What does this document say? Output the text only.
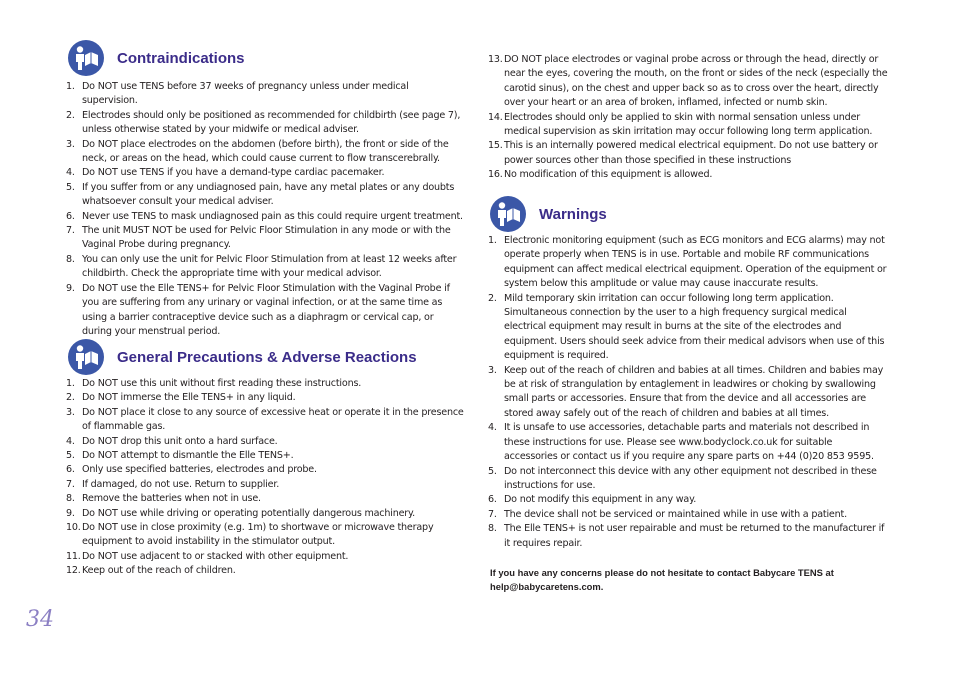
Contraindications
1. Do NOT use TENS before 37 weeks of pregnancy unless under medical supervision.
2. Electrodes should only be positioned as recommended for childbirth (see page 7), unless otherwise stated by your midwife or medical adviser.
3. Do NOT place electrodes on the abdomen (before birth), the front or side of the neck, or areas on the head, which could cause current to flow transcerebrally.
4. Do NOT use TENS if you have a demand-type cardiac pacemaker.
5. If you suffer from or any undiagnosed pain, have any metal plates or any doubts whatsoever consult your medical adviser.
6. Never use TENS to mask undiagnosed pain as this could require urgent treatment.
7. The unit MUST NOT be used for Pelvic Floor Stimulation in any mode or with the Vaginal Probe during pregnancy.
8. You can only use the unit for Pelvic Floor Stimulation from at least 12 weeks after childbirth. Check the appropriate time with your medical advisor.
9. Do NOT use the Elle TENS+ for Pelvic Floor Stimulation with the Vaginal Probe if you are suffering from any urinary or vaginal infection, or at the same time as using a barrier contraceptive device such as a diaphragm or cervical cap, or during your menstrual period.
General Precautions & Adverse Reactions
1. Do NOT use this unit without first reading these instructions.
2. Do NOT immerse the Elle TENS+ in any liquid.
3. Do NOT place it close to any source of excessive heat or operate it in the presence of flammable gas.
4. Do NOT drop this unit onto a hard surface.
5. Do NOT attempt to dismantle the Elle TENS+.
6. Only use specified batteries, electrodes and probe.
7. If damaged, do not use. Return to supplier.
8. Remove the batteries when not in use.
9. Do NOT use while driving or operating potentially dangerous machinery.
10. Do NOT use in close proximity (e.g. 1m) to shortwave or microwave therapy equipment to avoid instability in the stimulator output.
11. Do NOT use adjacent to or stacked with other equipment.
12. Keep out of the reach of children.
13. DO NOT place electrodes or vaginal probe across or through the head, directly or near the eyes, covering the mouth, on the front or sides of the neck (especially the carotid sinus), on the chest and upper back so as to cross over the heart, directly over your heart or an area of broken, inflamed, infected or numb skin.
14. Electrodes should only be applied to skin with normal sensation unless under medical supervision as skin irritation may occur following long term application.
15. This is an internally powered medical electrical equipment. Do not use battery or power sources other than those specified in these instructions
16. No modification of this equipment is allowed.
Warnings
1. Electronic monitoring equipment (such as ECG monitors and ECG alarms) may not operate properly when TENS is in use. Portable and mobile RF communications equipment can affect medical electrical equipment. Operation of the equipment or system below this amplitude or value may cause inaccurate results.
2. Mild temporary skin irritation can occur following long term application. Simultaneous connection by the user to a high frequency surgical medical electrical equipment may result in burns at the site of the electrodes and equipment. Users should seek advice from their medical advisors when use of this equipment is required.
3. Keep out of the reach of children and babies at all times. Children and babies may be at risk of strangulation by entaglement in leadwires or choking by swallowing small parts or accessories. Ensure that from the device and all accessories are stored away safely out of the reach of children and babies at all times.
4. It is unsafe to use accessories, detachable parts and materials not described in these instructions for use. Please see www.bodyclock.co.uk for suitable accessories or contact us if you require any spare parts on +44 (0)20 853 9595.
5. Do not interconnect this device with any other equipment not described in these instructions for use.
6. Do not modify this equipment in any way.
7. The device shall not be serviced or maintained while in use with a patient.
8. The Elle TENS+ is not user repairable and must be returned to the manufacturer if it requires repair.
If you have any concerns please do not hesitate to contact Babycare TENS at help@babycaretens.com.
34
